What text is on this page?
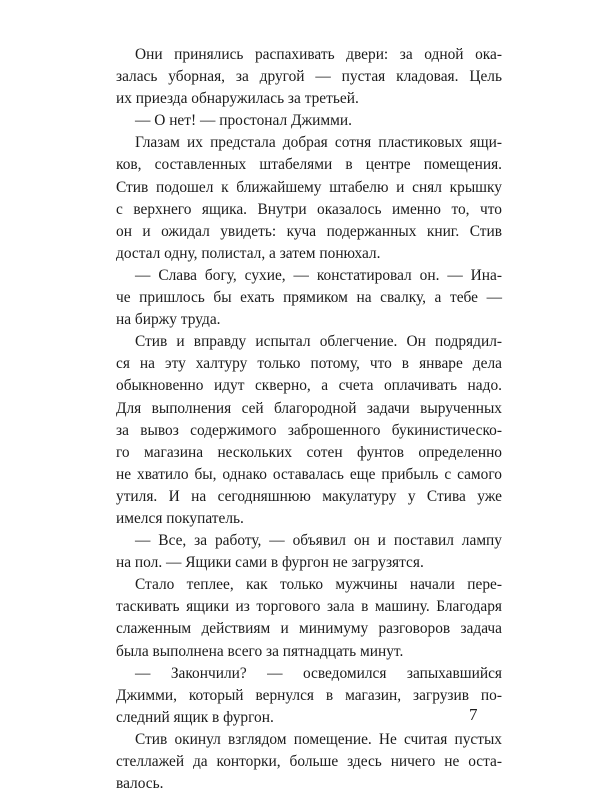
Они принялись распахивать двери: за одной ока-
залась уборная, за другой — пустая кладовая. Цель
их приезда обнаружилась за третьей.
— О нет! — простонал Джимми.
Глазам их предстала добрая сотня пластиковых ящи-
ков, составленных штабелями в центре помещения.
Стив подошел к ближайшему штабелю и снял крышку
с верхнего ящика. Внутри оказалось именно то, что
он и ожидал увидеть: куча подержанных книг. Стив
достал одну, полистал, а затем понюхал.
— Слава богу, сухие, — констатировал он. — Ина-
че пришлось бы ехать прямиком на свалку, а тебе —
на биржу труда.
Стив и вправду испытал облегчение. Он подрядил-
ся на эту халтуру только потому, что в январе дела
обыкновенно идут скверно, а счета оплачивать надо.
Для выполнения сей благородной задачи вырученных
за вывоз содержимого заброшенного букинистическо-
го магазина нескольких сотен фунтов определенно
не хватило бы, однако оставалась еще прибыль с самого
утиля. И на сегодняшнюю макулатуру у Стива уже
имелся покупатель.
— Все, за работу, — объявил он и поставил лампу
на пол. — Ящики сами в фургон не загрузятся.
Стало теплее, как только мужчины начали пере-
таскивать ящики из торгового зала в машину. Благодаря
слаженным действиям и минимуму разговоров задача
была выполнена всего за пятнадцать минут.
— Закончили? — осведомился запыхавшийся
Джимми, который вернулся в магазин, загрузив по-
следний ящик в фургон.
Стив окинул взглядом помещение. Не считая пустых
стеллажей да конторки, больше здесь ничего не оста-
валось.
7
